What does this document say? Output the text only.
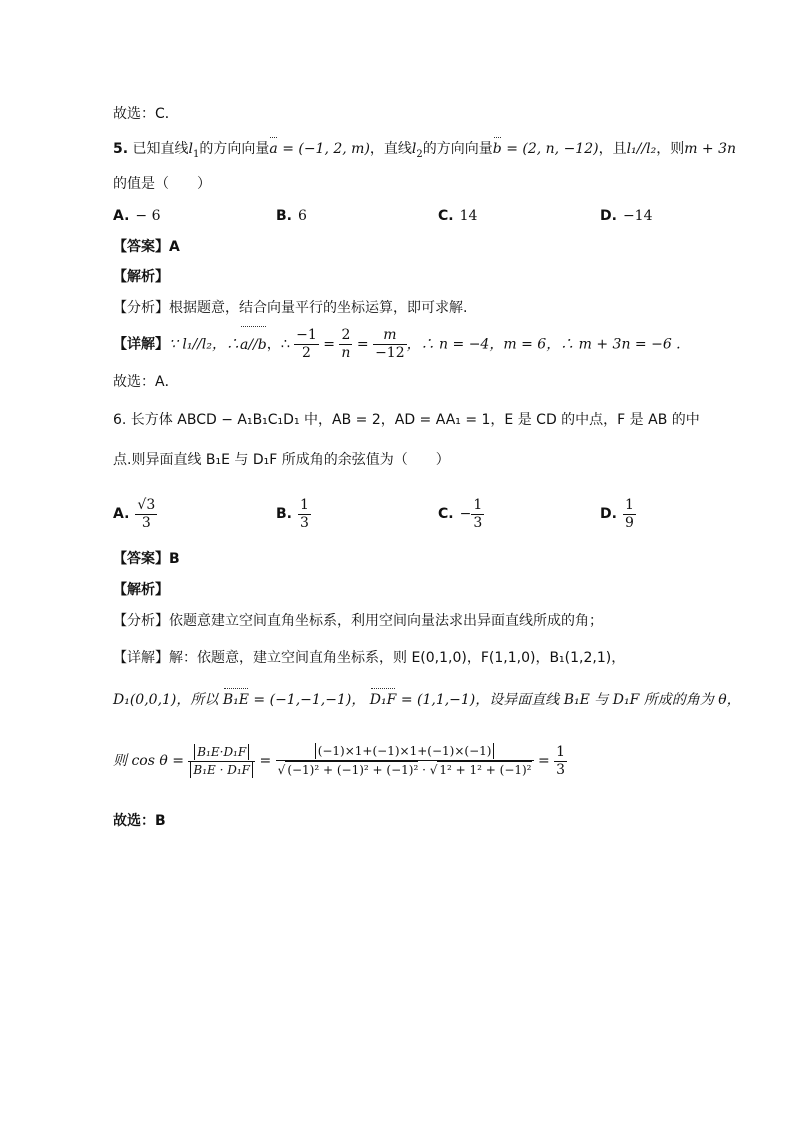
故选：C．
5. 已知直线$l_1$的方向向量a = (−1, 2, m)，直线$l_2$的方向向量b = (2, n, −12)，且l₁//l₂，则m + 3n
的值是（　　）
A. − 6	B. 6	C. 14	D. −14
【答案】A
【解析】
【分析】根据题意，结合向量平行的坐标运算，即可求解.
【详解】∵ l₁//l₂，∴a//b，∴ $\frac{-1}{2} = \frac{2}{n} = \frac{m}{-12}$ ，∴ n = −4，m = 6，∴ m + 3n = −6 .
故选：A．
6. 长方体 ABCD − A₁B₁C₁D₁ 中，AB = 2，AD = AA₁ = 1，E 是 CD 的中点，F 是 AB 的中
点.则异面直线 B₁E 与 D₁F 所成角的余弦值为（　　）
A. $\frac{√3}{3}$	B. $\frac{1}{3}$	C. − $\frac{1}{3}$	D. $\frac{1}{9}$
【答案】B
【解析】
【分析】依题意建立空间直角坐标系，利用空间向量法求出异面直线所成的角；
【详解】解：依题意，建立空间直角坐标系，则 E(0,1,0)，F(1,1,0)，B₁(1,2,1)，
D₁(0,0,1)，所以 B₁E = (−1,−1,−1)， D₁F = (1,1,−1)，设异面直线 B₁E 与 D₁F 所成的角为 θ，
则 $\cos \theta = \frac{\text{B₁E·D₁F}}{\text{B₁E · D₁F}} = \frac{(-1)\times 1+(-1)\times 1+(-1)\times(-1)}{\text{√ (−1)² + (−1)² + (−1)² · √ 1² + 1² + (−1)²}} = \frac{1}{3}$
故选：B
